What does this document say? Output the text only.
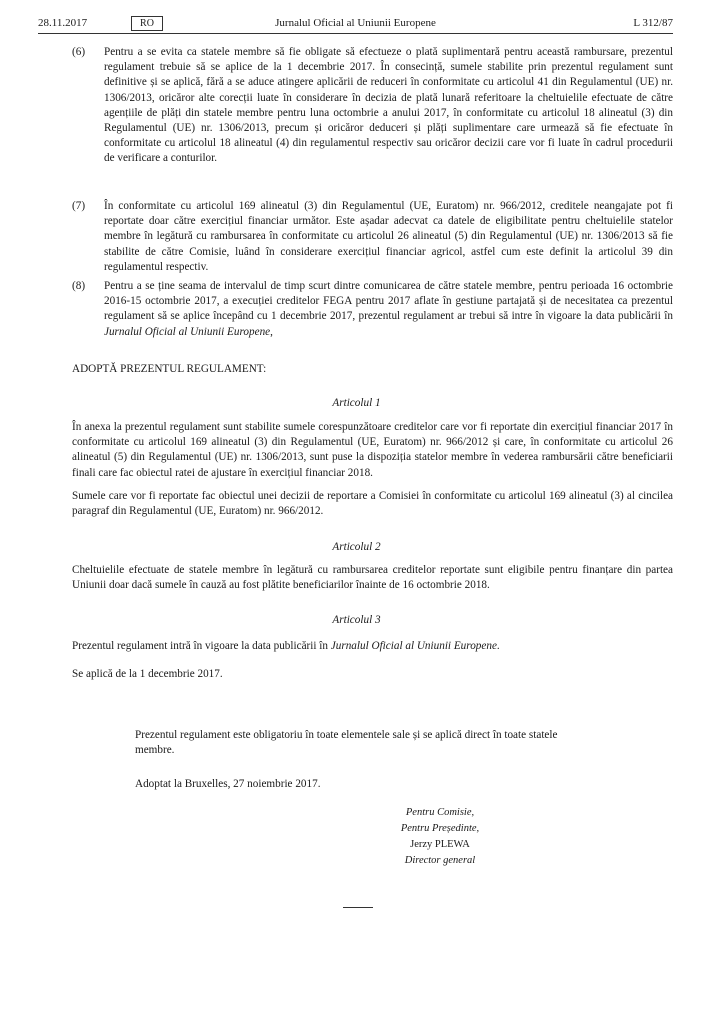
28.11.2017	RO	Jurnalul Oficial al Uniunii Europene	L 312/87
(6) Pentru a se evita ca statele membre să fie obligate să efectueze o plată suplimentară pentru această rambursare, prezentul regulament trebuie să se aplice de la 1 decembrie 2017. În consecință, sumele stabilite prin prezentul regulament sunt definitive și se aplică, fără a se aduce atingere aplicării de reduceri în conformitate cu articolul 41 din Regulamentul (UE) nr. 1306/2013, oricăror alte corecții luate în considerare în decizia de plată lunară referitoare la cheltuielile efectuate de către agențiile de plăți din statele membre pentru luna octombrie a anului 2017, în conformitate cu articolul 18 alineatul (3) din Regulamentul (UE) nr. 1306/2013, precum și oricăror deduceri și plăți suplimentare care urmează să fie efectuate în conformitate cu articolul 18 alineatul (4) din regulamentul respectiv sau oricăror decizii care vor fi luate în cadrul procedurii de verificare a conturilor.
(7) În conformitate cu articolul 169 alineatul (3) din Regulamentul (UE, Euratom) nr. 966/2012, creditele neangajate pot fi reportate doar către exercițiul financiar următor. Este așadar adecvat ca datele de eligibilitate pentru cheltuielile statelor membre în legătură cu rambursarea în conformitate cu articolul 26 alineatul (5) din Regulamentul (UE) nr. 1306/2013 să fie stabilite de către Comisie, luând în considerare exercițiul financiar agricol, astfel cum este definit la articolul 39 din regulamentul respectiv.
(8) Pentru a se ține seama de intervalul de timp scurt dintre comunicarea de către statele membre, pentru perioada 16 octombrie 2016-15 octombrie 2017, a execuției creditelor FEGA pentru 2017 aflate în gestiune partajată și de necesitatea ca prezentul regulament să se aplice începând cu 1 decembrie 2017, prezentul regulament ar trebui să intre în vigoare la data publicării în Jurnalul Oficial al Uniunii Europene,
ADOPTĂ PREZENTUL REGULAMENT:
Articolul 1
În anexa la prezentul regulament sunt stabilite sumele corespunzătoare creditelor care vor fi reportate din exercițiul financiar 2017 în conformitate cu articolul 169 alineatul (3) din Regulamentul (UE, Euratom) nr. 966/2012 și care, în conformitate cu articolul 26 alineatul (5) din Regulamentul (UE) nr. 1306/2013, sunt puse la dispoziția statelor membre în vederea rambursării către beneficiarii finali care fac obiectul ratei de ajustare în exercițiul financiar 2018.
Sumele care vor fi reportate fac obiectul unei decizii de reportare a Comisiei în conformitate cu articolul 169 alineatul (3) al cincilea paragraf din Regulamentul (UE, Euratom) nr. 966/2012.
Articolul 2
Cheltuielile efectuate de statele membre în legătură cu rambursarea creditelor reportate sunt eligibile pentru finanțare din partea Uniunii doar dacă sumele în cauză au fost plătite beneficiarilor înainte de 16 octombrie 2018.
Articolul 3
Prezentul regulament intră în vigoare la data publicării în Jurnalul Oficial al Uniunii Europene.
Se aplică de la 1 decembrie 2017.
Prezentul regulament este obligatoriu în toate elementele sale și se aplică direct în toate statele membre.
Adoptat la Bruxelles, 27 noiembrie 2017.
Pentru Comisie,
Pentru Președinte,
Jerzy PLEWA
Director general
